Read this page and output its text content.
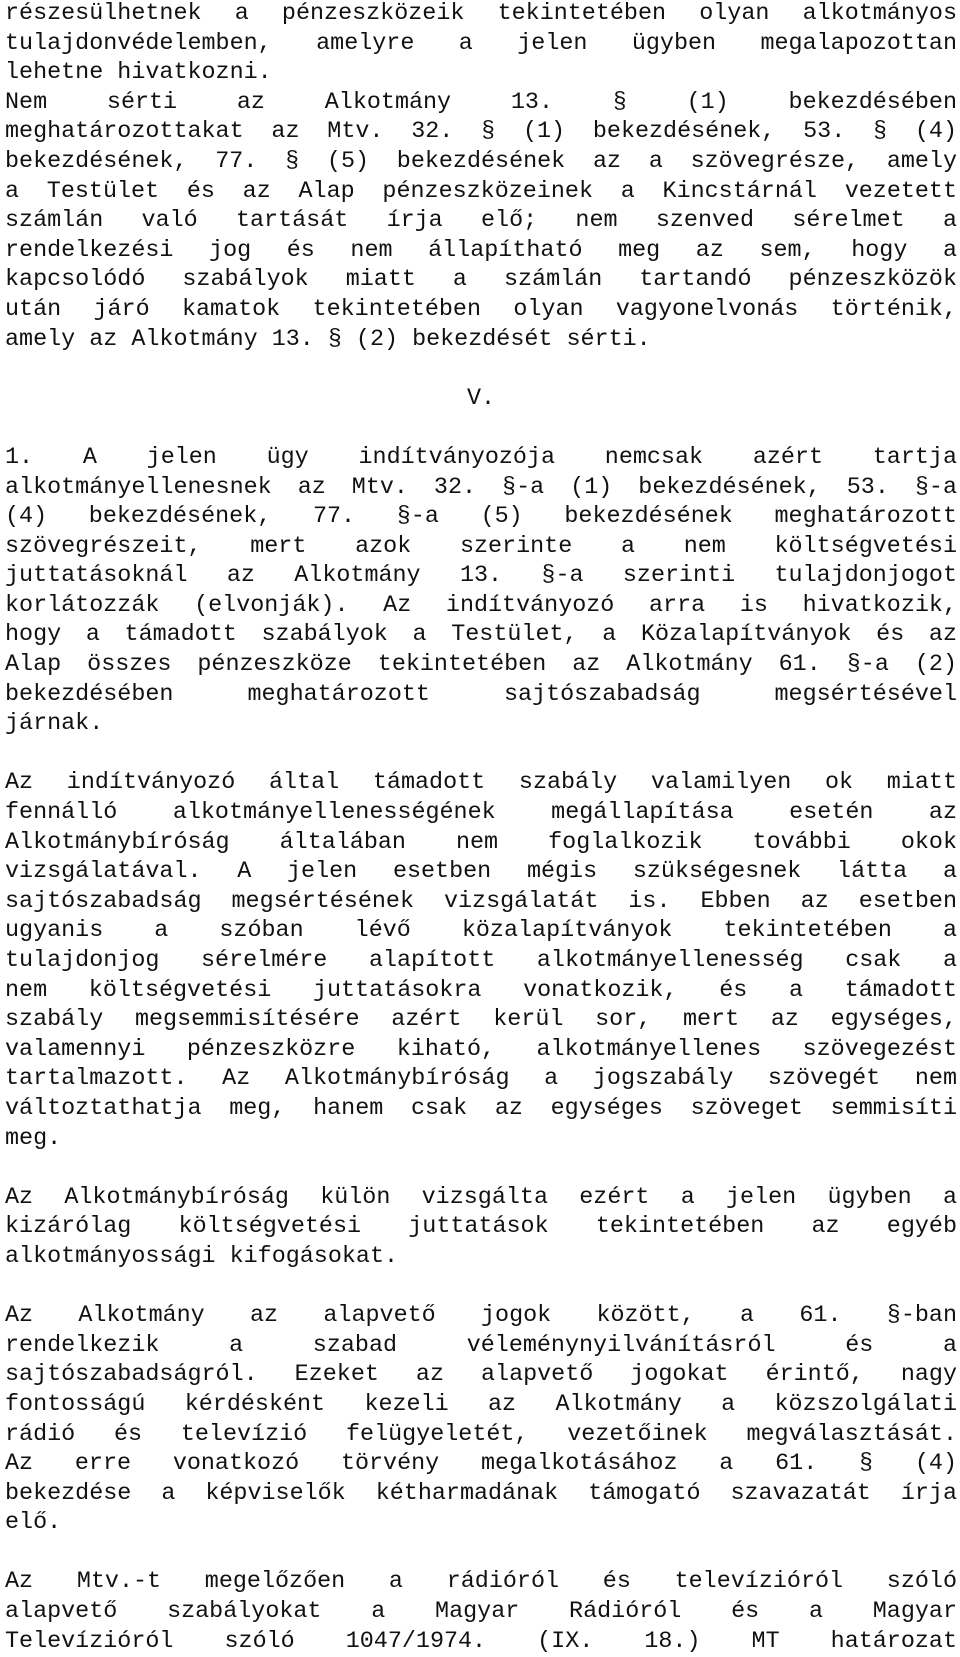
részesülhetnek a pénzeszközeik tekintetében olyan alkotmányos
tulajdonvédelemben, amelyre a jelen ügyben megalapozottan
lehetne hivatkozni.
Nem sérti az Alkotmány 13. § (1) bekezdésében
meghatározottakat az Mtv. 32. § (1) bekezdésének, 53. § (4)
bekezdésének, 77. § (5) bekezdésének az a szövegrésze, amely
a Testület és az Alap pénzeszközeinek a Kincstárnál vezetett
számlán való tartását írja elő; nem szenved sérelmet a
rendelkezési jog és nem állapítható meg az sem, hogy a
kapcsolódó szabályok miatt a számlán tartandó pénzeszközök
után járó kamatok tekintetében olyan vagyonelvonás történik,
amely az Alkotmány 13. § (2) bekezdését sérti.
V.
1. A jelen ügy indítványozója nemcsak azért tartja
alkotmányellenesnek az Mtv. 32. §-a (1) bekezdésének, 53. §-a
(4) bekezdésének, 77. §-a (5) bekezdésének meghatározott
szövegrészeit, mert azok szerinte a nem költségvetési
juttatásoknál az Alkotmány 13. §-a szerinti tulajdonjogot
korlátozzák (elvonják). Az indítványozó arra is hivatkozik,
hogy a támadott szabályok a Testület, a Közalapítványok és az
Alap összes pénzeszköze tekintetében az Alkotmány 61. §-a (2)
bekezdésében meghatározott sajtószabadság megsértésével
járnak.
Az indítványozó által támadott szabály valamilyen ok miatt
fennálló alkotmányellenességének megállapítása esetén az
Alkotmánybíróság általában nem foglalkozik további okok
vizsgálatával. A jelen esetben mégis szükségesnek látta a
sajtószabadság megsértésének vizsgálatát is. Ebben az esetben
ugyanis a szóban lévő közalapítványok tekintetében a
tulajdonjog sérelmére alapított alkotmányellenesség csak a
nem költségvetési juttatásokra vonatkozik, és a támadott
szabály megsemmisítésére azért kerül sor, mert az egységes,
valamennyi pénzeszközre kiható, alkotmányellenes szövegezést
tartalmazott. Az Alkotmánybíróság a jogszabály szövegét nem
változtathatja meg, hanem csak az egységes szöveget semmisíti
meg.
Az Alkotmánybíróság külön vizsgálta ezért a jelen ügyben a
kizárólag költségvetési juttatások tekintetében az egyéb
alkotmányossági kifogásokat.
Az Alkotmány az alapvető jogok között, a 61. §-ban
rendelkezik a szabad véleménynyilvánításról és a
sajtószabadságról. Ezeket az alapvető jogokat érintő, nagy
fontosságú kérdésként kezeli az Alkotmány a közszolgálati
rádió és televízió felügyeletét, vezetőinek megválasztását.
Az erre vonatkozó törvény megalkotásához a 61. § (4)
bekezdése a képviselők kétharmadának támogató szavazatát írja
elő.
Az Mtv.-t megelőzően a rádióról és televízióról szóló
alapvető szabályokat a Magyar Rádióról és a Magyar
Televízióról szóló 1047/1974. (IX. 18.) MT határozat
